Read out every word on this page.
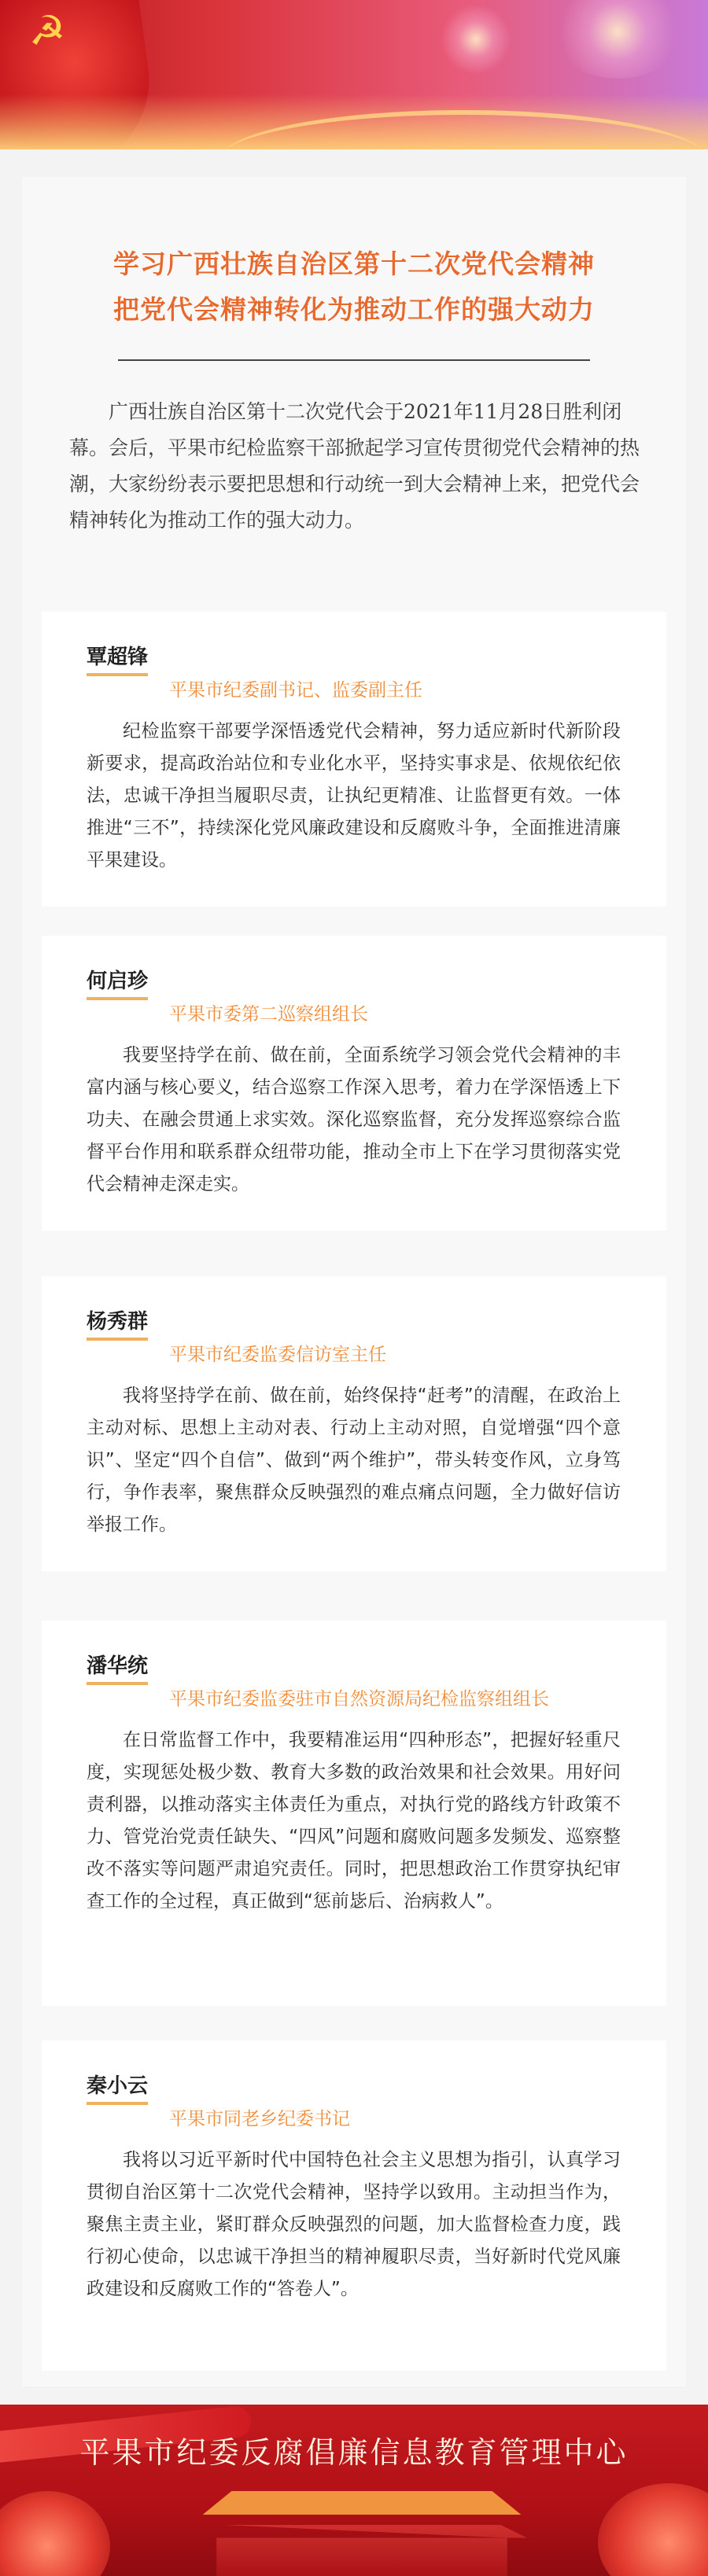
☭
学习广西壮族自治区第十二次党代会精神
把党代会精神转化为推动工作的强大动力

广西壮族自治区第十二次党代会于2021年11月28日胜利闭幕。会后，平果市纪检监察干部掀起学习宣传贯彻党代会精神的热潮，大家纷纷表示要把思想和行动统一到大会精神上来，把党代会精神转化为推动工作的强大动力。

覃超锋
平果市纪委副书记、监委副主任

纪检监察干部要学深悟透党代会精神，努力适应新时代新阶段新要求，提高政治站位和专业化水平，坚持实事求是、依规依纪依法，忠诚干净担当履职尽责，让执纪更精准、让监督更有效。一体推进“三不”，持续深化党风廉政建设和反腐败斗争，全面推进清廉平果建设。

何启珍
平果市委第二巡察组组长

我要坚持学在前、做在前，全面系统学习领会党代会精神的丰富内涵与核心要义，结合巡察工作深入思考，着力在学深悟透上下功夫、在融会贯通上求实效。深化巡察监督，充分发挥巡察综合监督平台作用和联系群众纽带功能，推动全市上下在学习贯彻落实党代会精神走深走实。

杨秀群
平果市纪委监委信访室主任

我将坚持学在前、做在前，始终保持“赶考”的清醒，在政治上主动对标、思想上主动对表、行动上主动对照，自觉增强“四个意识”、坚定“四个自信”、做到“两个维护”，带头转变作风，立身笃行，争作表率，聚焦群众反映强烈的难点痛点问题，全力做好信访举报工作。

潘华统
平果市纪委监委驻市自然资源局纪检监察组组长

在日常监督工作中，我要精准运用“四种形态”，把握好轻重尺度，实现惩处极少数、教育大多数的政治效果和社会效果。用好问责利器，以推动落实主体责任为重点，对执行党的路线方针政策不力、管党治党责任缺失、“四风”问题和腐败问题多发频发、巡察整改不落实等问题严肃追究责任。同时，把思想政治工作贯穿执纪审查工作的全过程，真正做到“惩前毖后、治病救人”。

秦小云
平果市同老乡纪委书记

我将以习近平新时代中国特色社会主义思想为指引，认真学习贯彻自治区第十二次党代会精神，坚持学以致用。主动担当作为，聚焦主责主业，紧盯群众反映强烈的问题，加大监督检查力度，践行初心使命，以忠诚干净担当的精神履职尽责，当好新时代党风廉政建设和反腐败工作的“答卷人”。

平果市纪委反腐倡廉信息教育管理中心
